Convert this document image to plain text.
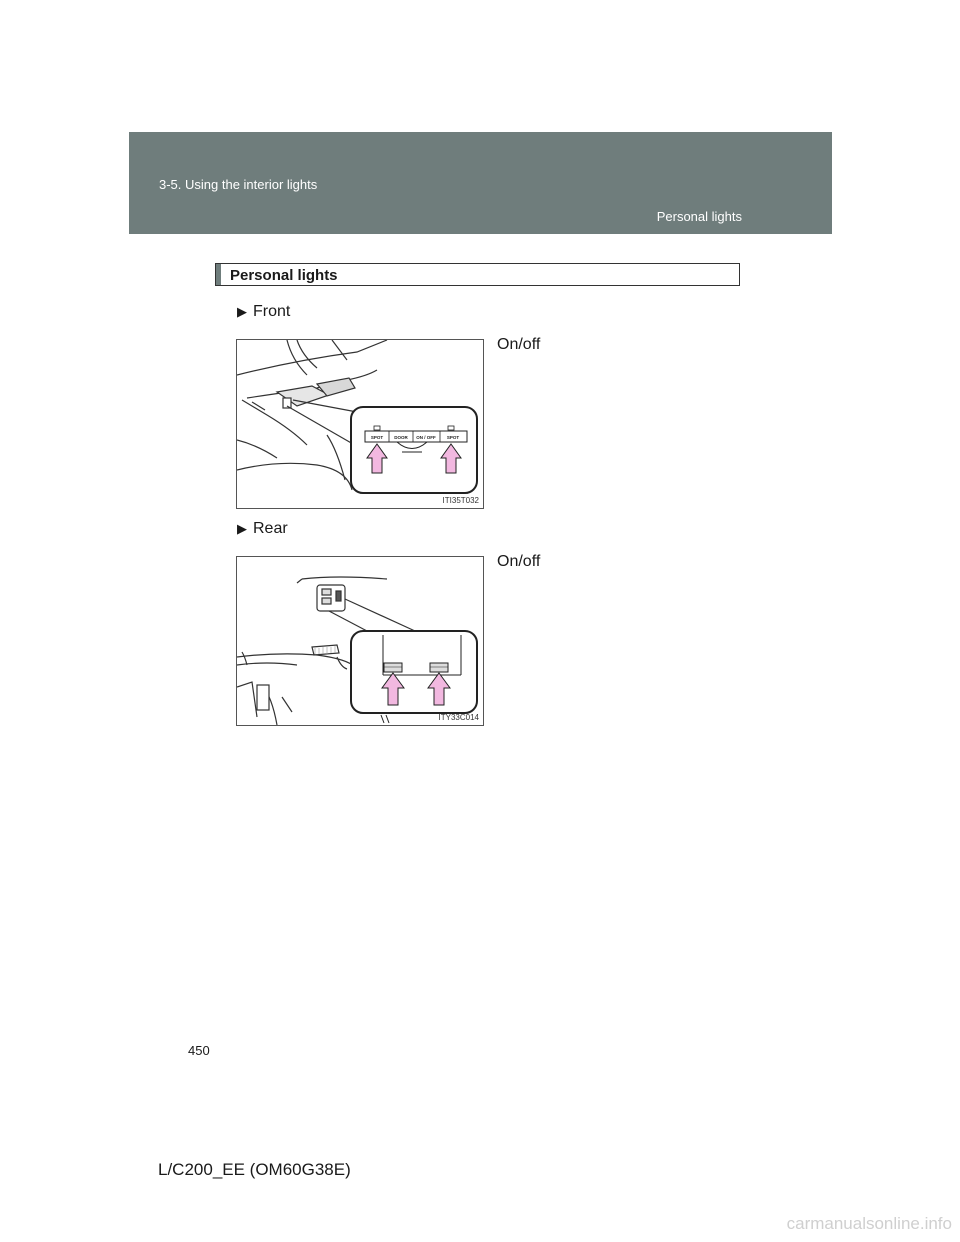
3-5. Using the interior lights
Personal lights
Personal lights
▶ Front
On/off
SPOT DOOR ON / OFF SPOT
ITI35T032
▶ Rear
On/off
ITY33C014
450
L/C200_EE (OM60G38E)
carmanualsonline.info
